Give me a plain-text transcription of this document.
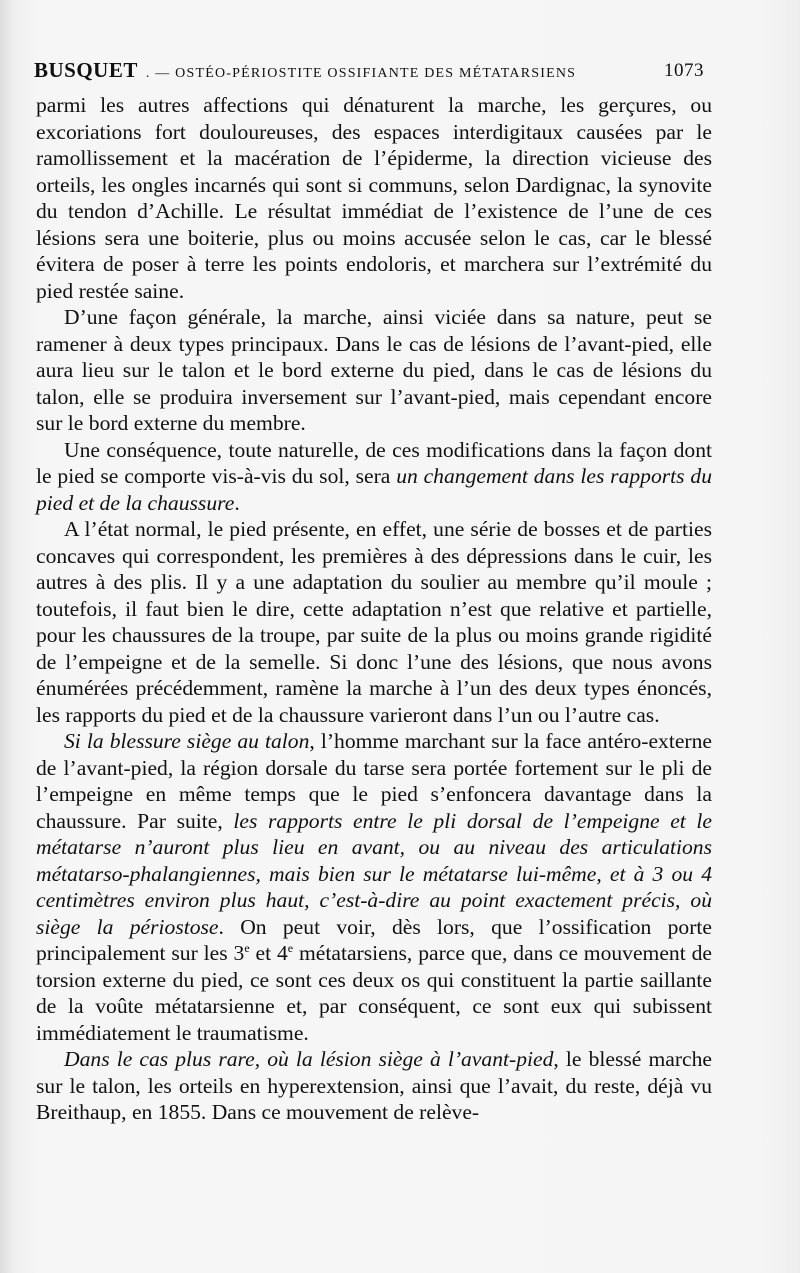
BUSQUET . — OSTÉO-PÉRIOSTITE OSSIFIANTE DES MÉTATARSIENS	1073

parmi les autres affections qui dénaturent la marche, les gerçures, ou excoriations fort douloureuses, des espaces interdigitaux causées par le ramollissement et la macération de l’épiderme, la direction vicieuse des orteils, les ongles incarnés qui sont si communs, selon Dardignac, la synovite du tendon d’Achille. Le résultat immédiat de l’existence de l’une de ces lésions sera une boiterie, plus ou moins accusée selon le cas, car le blessé évitera de poser à terre les points endoloris, et marchera sur l’extrémité du pied restée saine.

D’une façon générale, la marche, ainsi viciée dans sa nature, peut se ramener à deux types principaux. Dans le cas de lésions de l’avant-pied, elle aura lieu sur le talon et le bord externe du pied, dans le cas de lésions du talon, elle se produira inversement sur l’avant-pied, mais cependant encore sur le bord externe du membre.

Une conséquence, toute naturelle, de ces modifications dans la façon dont le pied se comporte vis-à-vis du sol, sera un changement dans les rapports du pied et de la chaussure.

A l’état normal, le pied présente, en effet, une série de bosses et de parties concaves qui correspondent, les premières à des dépressions dans le cuir, les autres à des plis. Il y a une adaptation du soulier au membre qu’il moule ; toutefois, il faut bien le dire, cette adaptation n’est que relative et partielle, pour les chaussures de la troupe, par suite de la plus ou moins grande rigidité de l’empeigne et de la semelle. Si donc l’une des lésions, que nous avons énumérées précédemment, ramène la marche à l’un des deux types énoncés, les rapports du pied et de la chaussure varieront dans l’un ou l’autre cas.

Si la blessure siège au talon, l’homme marchant sur la face antéro-externe de l’avant-pied, la région dorsale du tarse sera portée fortement sur le pli de l’empeigne en même temps que le pied s’enfoncera davantage dans la chaussure. Par suite, les rapports entre le pli dorsal de l’empeigne et le métatarse n’auront plus lieu en avant, ou au niveau des articulations métatarso-phalangiennes, mais bien sur le métatarse lui-même, et à 3 ou 4 centimètres environ plus haut, c’est-à-dire au point exactement précis, où siège la périostose. On peut voir, dès lors, que l’ossification porte principalement sur les 3e et 4e métatarsiens, parce que, dans ce mouvement de torsion externe du pied, ce sont ces deux os qui constituent la partie saillante de la voûte métatarsienne et, par conséquent, ce sont eux qui subissent immédiatement le traumatisme.

Dans le cas plus rare, où la lésion siège à l’avant-pied, le blessé marche sur le talon, les orteils en hyperextension, ainsi que l’avait, du reste, déjà vu Breithaup, en 1855. Dans ce mouvement de relève-
